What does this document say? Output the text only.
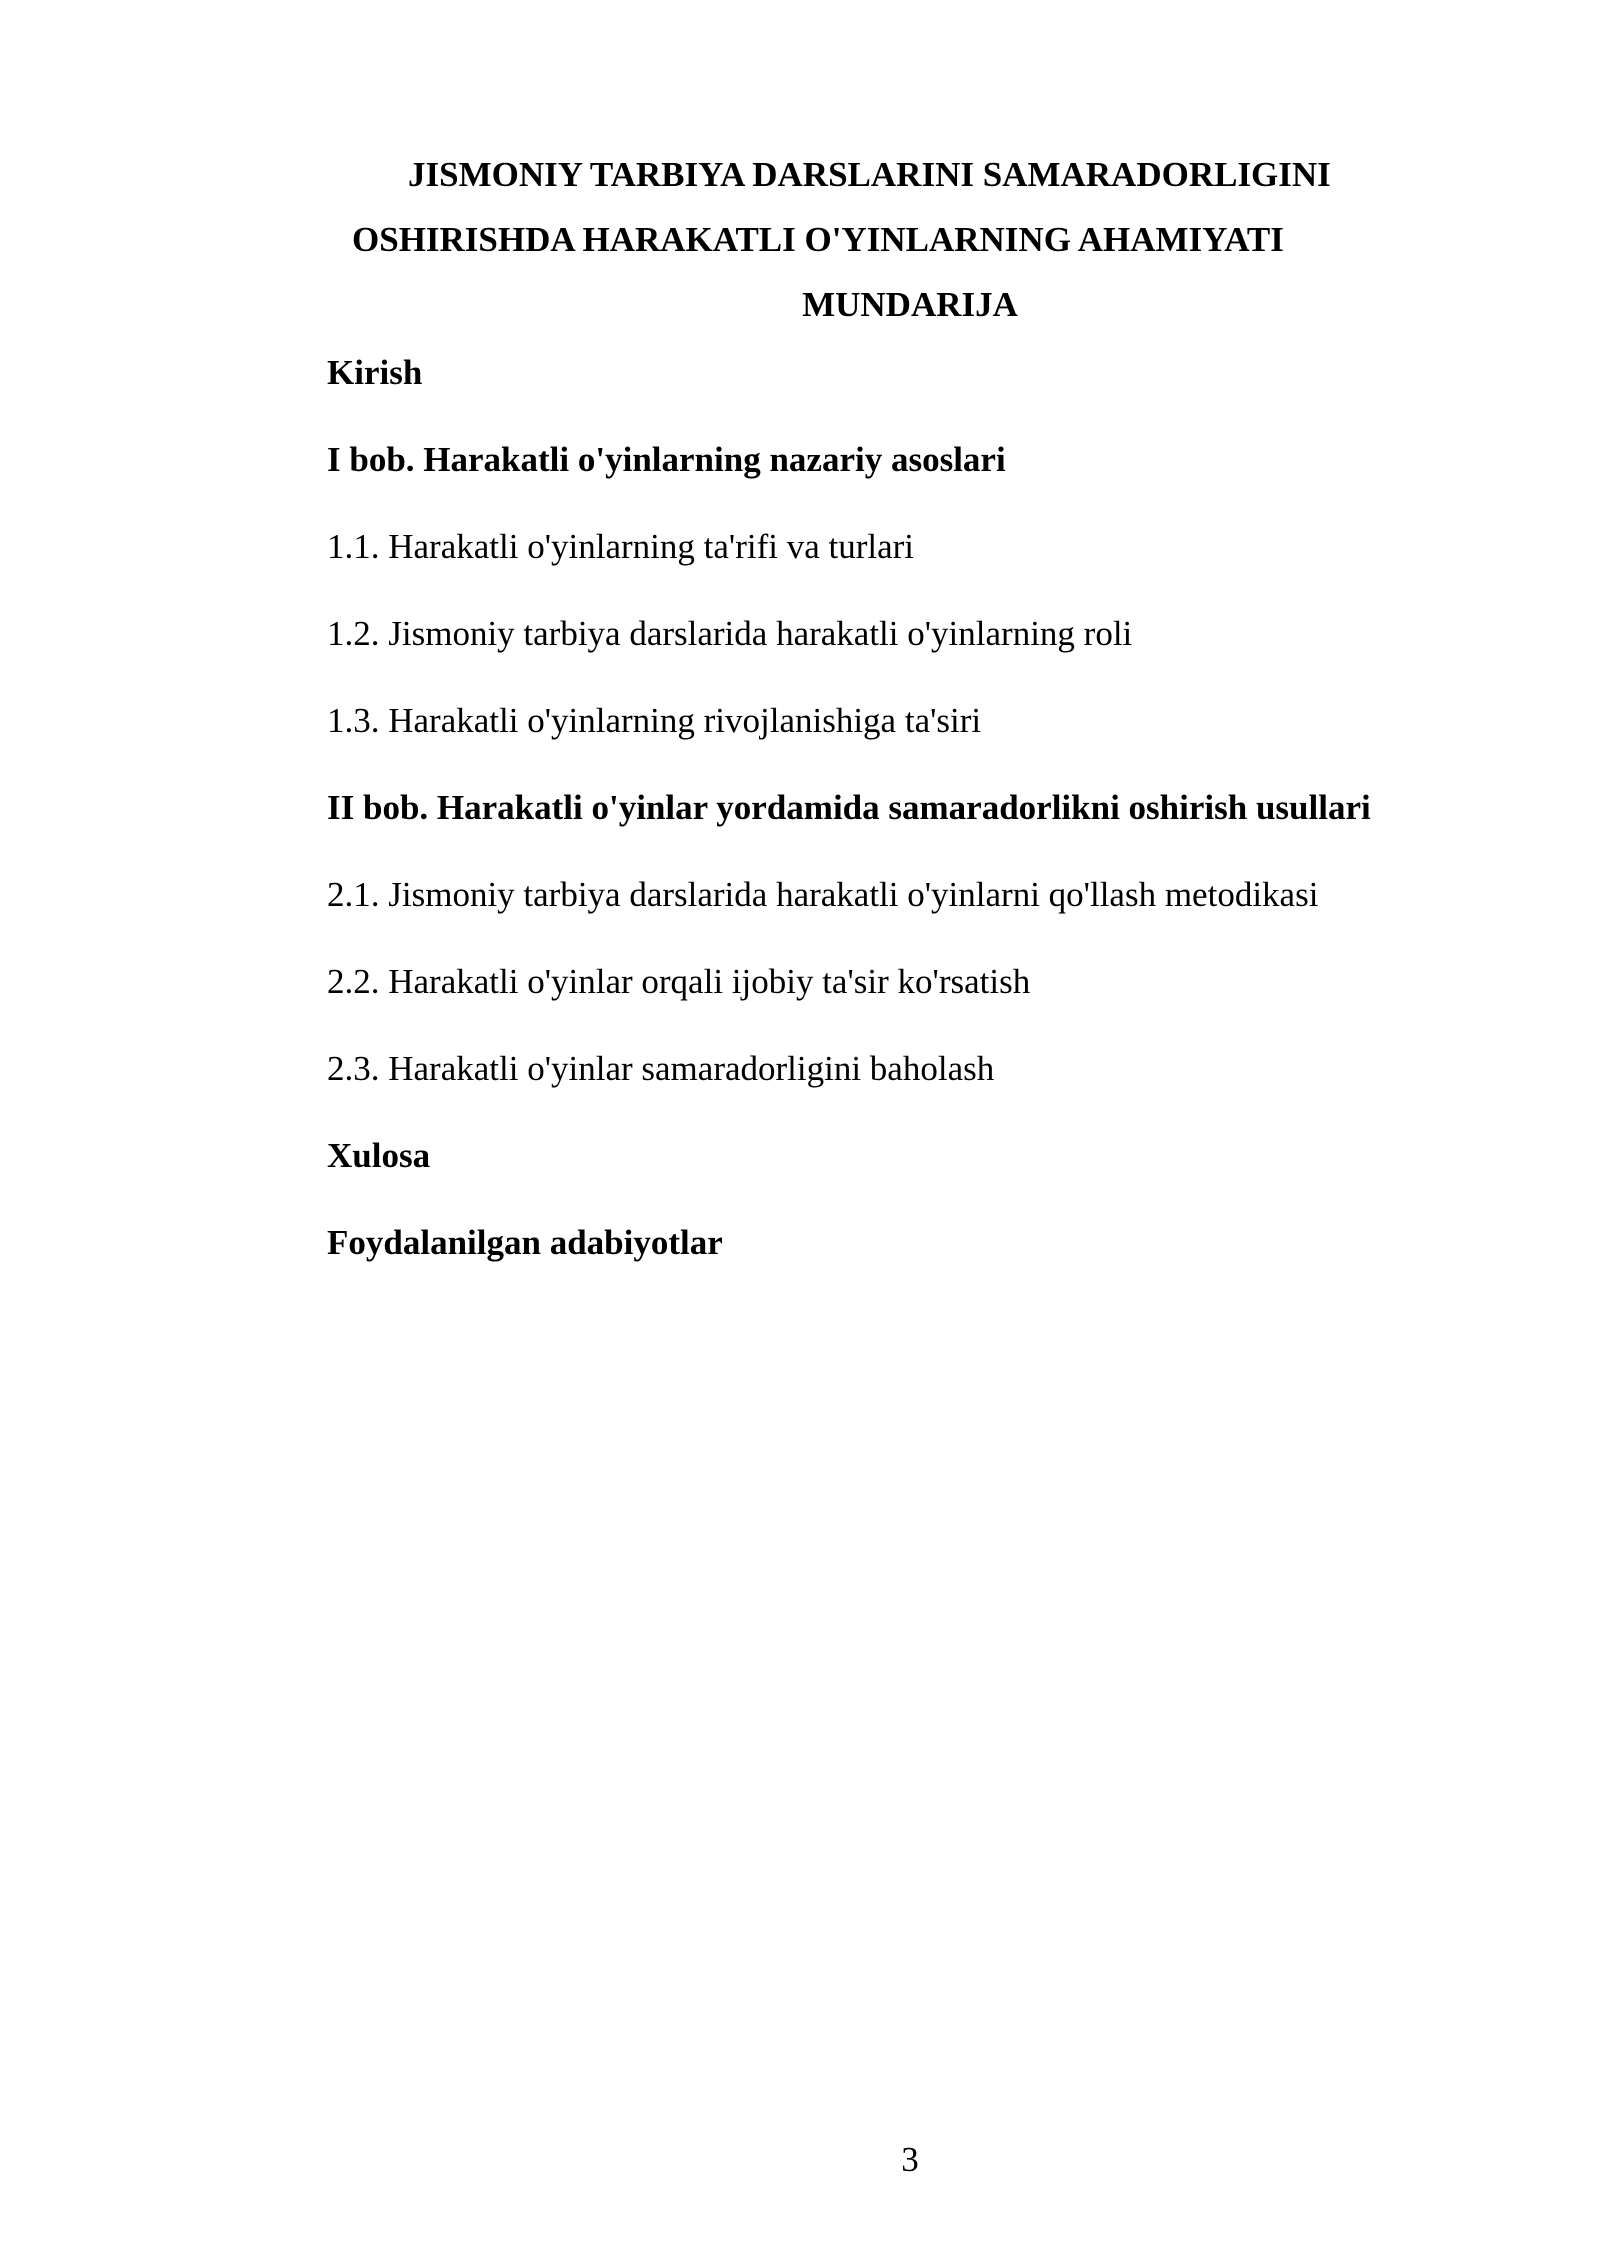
JISMONIY TARBIYA DARSLARINI SAMARADORLIGINI
OSHIRISHDA HARAKATLI O'YINLARNING AHAMIYATI
MUNDARIJA
Kirish
I bob. Harakatli o'yinlarning nazariy asoslari
1.1. Harakatli o'yinlarning ta'rifi va turlari
1.2. Jismoniy tarbiya darslarida harakatli o'yinlarning roli
1.3. Harakatli o'yinlarning rivojlanishiga ta'siri
II bob. Harakatli o'yinlar yordamida samaradorlikni oshirish usullari
2.1. Jismoniy tarbiya darslarida harakatli o'yinlarni qo'llash metodikasi
2.2. Harakatli o'yinlar orqali ijobiy ta'sir ko'rsatish
2.3. Harakatli o'yinlar samaradorligini baholash
Xulosa
Foydalanilgan adabiyotlar
3
